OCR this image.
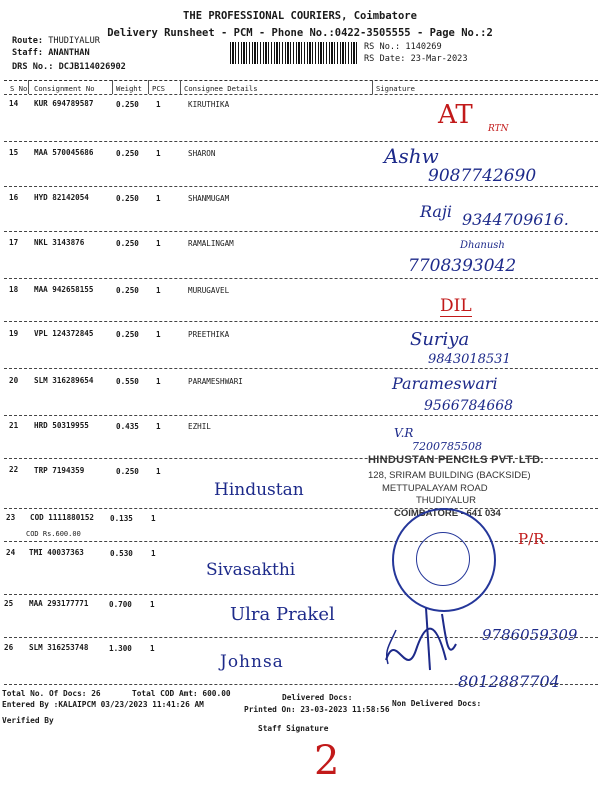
THE PROFESSIONAL COURIERS, Coimbatore
Delivery Runsheet - PCM - Phone No.:0422-3505555 - Page No.:2
Route: THUDIYALUR
Staff: ANANTHAN
DRS No.: DCJB114026902
RS No.: 1140269
RS Date: 23-Mar-2023
S No Consignment No	Weight PCS	Consignee Details	Signature
14 KUR 694789587	0.250 1	KIRUTHIKA	AT RTN
15 MAA 570045686	0.250 1	SHARON	Ashw
9087742690
16 HYD 82142054	0.250 1	SHANMUGAM
Raji 9344709616.
17 NKL 3143876	0.250 1	RAMALINGAM	Dhanush
7708393042
18 MAA 942658155	0.250 1	MURUGAVEL
DIL
19 VPL 124372845	0.250 1	PREETHIKA	Suriya
9843018531
20 SLM 316289654	0.550 1	PARAMESHWARI	Parameswari
9566784668
21 HRD 50319955	0.435 1	EZHIL	V.R
7200785508
22 TRP 7194359	0.250 1
Hindustan
23 COD 1111880152 0.135 1
COD Rs.600.00
24 TMI 40037363	0.530 1
Sivasakthi
P/R
25 MAA 293177771	0.700 1	Ulra Prakel
9786059309
26 SLM 316253748	1.300 1
Johnsa
8012887704
HINDUSTAN PENCILS PVT. LTD.
128, SRIRAM BUILDING (BACKSIDE)
METTUPALAYAM ROAD
THUDIYALUR
COIMBATORE - 641 034
Total No. Of Docs: 26	Total COD Amt: 600.00	Delivered Docs:
Non Delivered Docs:
Entered By :KALAIPCM 03/23/2023 11:41:26 AM
Printed On: 23-03-2023 11:58:56
Verified By
Staff Signature
2
